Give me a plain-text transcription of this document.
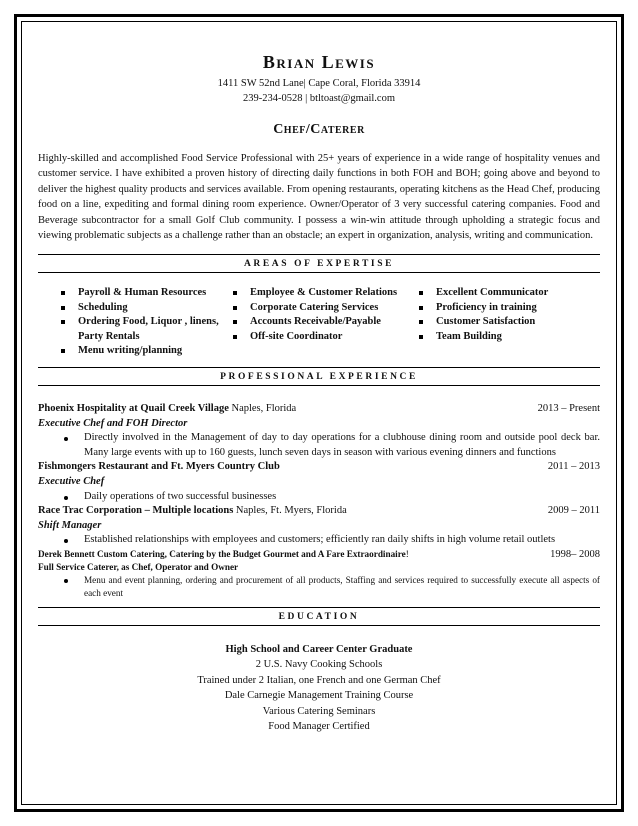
Brian Lewis
1411 SW 52nd Lane| Cape Coral, Florida 33914
239-234-0528 | btltoast@gmail.com
Chef/Caterer

Highly-skilled and accomplished Food Service Professional with 25+ years of experience in a wide range of hospitality venues and customer service. I have exhibited a proven history of directing daily functions in both FOH and BOH; going above and beyond to deliver the highest quality products and services available. From opening restaurants, operating kitchens as the Head Chef, producing food on a line, expediting and formal dining room experience. Owner/Operator of 3 very successful catering companies. Food and Beverage subcontractor for a small Golf Club community. I possess a win-win attitude through upholding a strategic focus and viewing problematic subjects as a challenge rather than an obstacle; an expert in organization, analysis, writing and communication.

AREAS OF EXPERTISE
Payroll & Human Resources
Scheduling
Ordering Food, Liquor , linens, Party Rentals
Menu writing/planning
Employee & Customer Relations
Corporate Catering Services
Accounts Receivable/Payable
Off-site Coordinator
Excellent Communicator
Proficiency in training
Customer Satisfaction
Team Building
PROFESSIONAL EXPERIENCE
Phoenix Hospitality at Quail Creek Village Naples, Florida	2013 – Present
Executive Chef and FOH Director
Directly involved in the Management of day to day operations for a clubhouse dining room and outside pool deck bar. Many large events with up to 160 guests, lunch seven days in season with various evening dinners and functions
Fishmongers Restaurant and Ft. Myers Country Club	2011 – 2013
Executive Chef
Daily operations of two successful businesses
Race Trac Corporation – Multiple locations Naples, Ft. Myers, Florida	2009 – 2011
Shift Manager
Established relationships with employees and customers; efficiently ran daily shifts in high volume retail outlets
Derek Bennett Custom Catering, Catering by the Budget Gourmet and A Fare Extraordinaire!	1998– 2008
Full Service Caterer, as Chef, Operator and Owner
Menu and event planning, ordering and procurement of all products, Staffing and services required to successfully execute all aspects of each event
EDUCATION
High School and Career Center Graduate
2 U.S. Navy Cooking Schools
Trained under 2 Italian, one French and one German Chef
Dale Carnegie Management Training Course
Various Catering Seminars
Food Manager Certified
